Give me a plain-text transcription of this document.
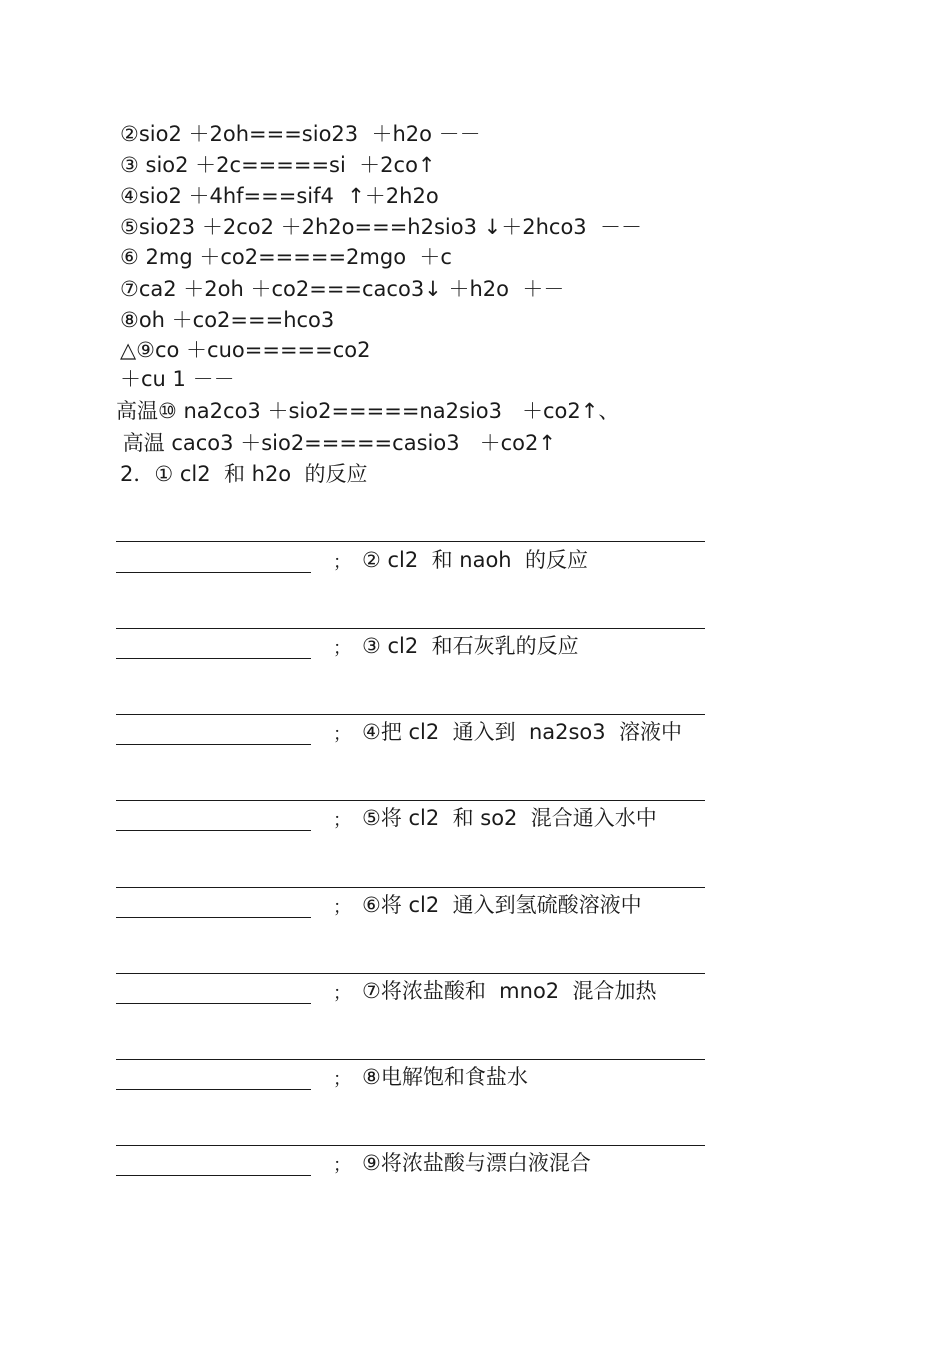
②sio2 ＋2oh===sio23  ＋h2o －－
③ sio2 ＋2c=====si  ＋2co↑
④sio2 ＋4hf===sif4  ↑＋2h2o
⑤sio23 ＋2co2 ＋2h2o===h2sio3 ↓＋2hco3  －－
⑥ 2mg ＋co2=====2mgo  ＋c
⑦ca2 ＋2oh ＋co2===caco3↓ ＋h2o  ＋－
⑧oh ＋co2===hco3
△⑨co ＋cuo=====co2
＋cu 1 －－
高温⑩ na2co3 ＋sio2=====na2sio3   ＋co2↑、
高温 caco3 ＋sio2=====casio3   ＋co2↑
2．① cl2  和 h2o  的反应
； ② cl2  和 naoh  的反应
； ③ cl2  和石灰乳的反应
； ④把 cl2  通入到  na2so3  溶液中
； ⑤将 cl2  和 so2  混合通入水中
； ⑥将 cl2  通入到氢硫酸溶液中
； ⑦将浓盐酸和  mno2  混合加热
； ⑧电解饱和食盐水
； ⑨将浓盐酸与漂白液混合
